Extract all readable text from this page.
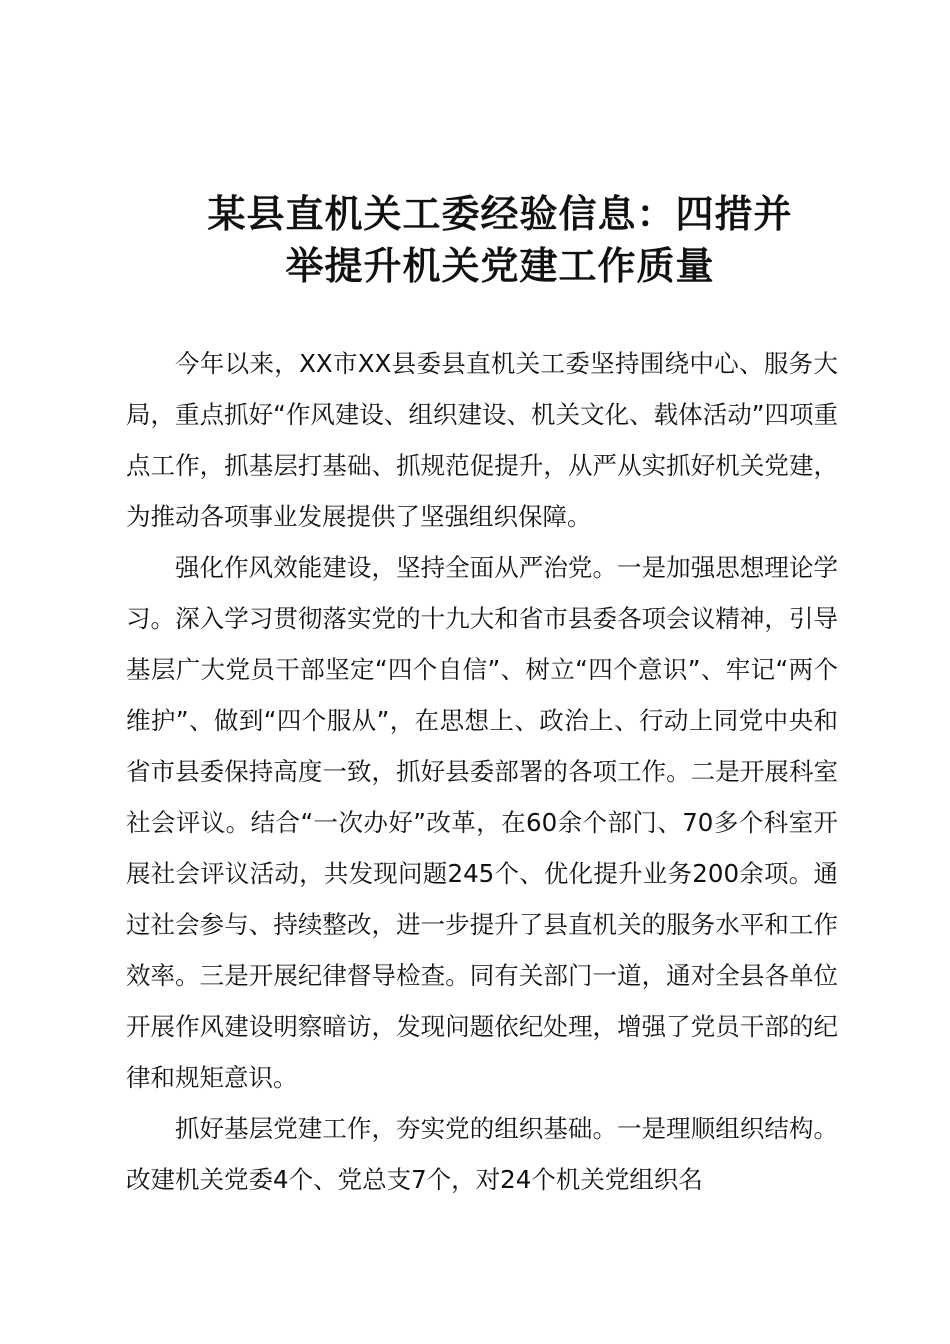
某县直机关工委经验信息：四措并
举提升机关党建工作质量

今年以来，XX市XX县委县直机关工委坚持围绕中心、服务大局，重点抓好“作风建设、组织建设、机关文化、载体活动”四项重点工作，抓基层打基础、抓规范促提升，从严从实抓好机关党建，为推动各项事业发展提供了坚强组织保障。

强化作风效能建设，坚持全面从严治党。一是加强思想理论学习。深入学习贯彻落实党的十九大和省市县委各项会议精神，引导基层广大党员干部坚定“四个自信”、树立“四个意识”、牢记“两个维护”、做到“四个服从”，在思想上、政治上、行动上同党中央和省市县委保持高度一致，抓好县委部署的各项工作。二是开展科室社会评议。结合“一次办好”改革，在60余个部门、70多个科室开展社会评议活动，共发现问题245个、优化提升业务200余项。通过社会参与、持续整改，进一步提升了县直机关的服务水平和工作效率。三是开展纪律督导检查。同有关部门一道，通对全县各单位开展作风建设明察暗访，发现问题依纪处理，增强了党员干部的纪律和规矩意识。

抓好基层党建工作，夯实党的组织基础。一是理顺组织结构。改建机关党委4个、党总支7个，对24个机关党组织名
